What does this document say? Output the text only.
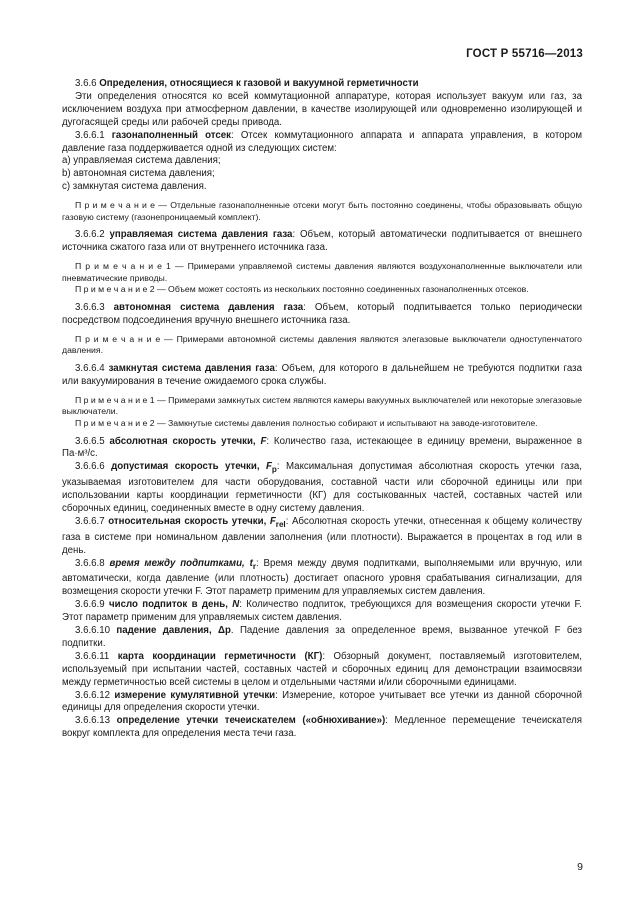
ГОСТ Р 55716—2013

3.6.6 Определения, относящиеся к газовой и вакуумной герметичности

Эти определения относятся ко всей коммутационной аппаратуре, которая использует вакуум или газ, за исключением воздуха при атмосферном давлении, в качестве изолирующей или одновременно изолирующей и дугогасящей среды или рабочей среды привода.

3.6.6.1 газонаполненный отсек: Отсек коммутационного аппарата и аппарата управления, в котором давление газа поддерживается одной из следующих систем:

а) управляемая система давления;

b) автономная система давления;

с) замкнутая система давления.

П р и м е ч а н и е — Отдельные газонаполненные отсеки могут быть постоянно соединены, чтобы образовывать общую газовую систему (газонепроницаемый комплект).

3.6.6.2 управляемая система давления газа: Объем, который автоматически подпитывается от внешнего источника сжатого газа или от внутреннего источника газа.

П р и м е ч а н и е 1 — Примерами управляемой системы давления являются воздухонаполненные выключатели или пневматические приводы.

П р и м е ч а н и е 2 — Объем может состоять из нескольких постоянно соединенных газонаполненных отсеков.

3.6.6.3 автономная система давления газа: Объем, который подпитывается только периодически посредством подсоединения вручную внешнего источника газа.

П р и м е ч а н и е — Примерами автономной системы давления являются элегазовые выключатели одноступенчатого давления.

3.6.6.4 замкнутая система давления газа: Объем, для которого в дальнейшем не требуются подпитки газа или вакуумирования в течение ожидаемого срока службы.

П р и м е ч а н и е 1 — Примерами замкнутых систем являются камеры вакуумных выключателей или некоторые элегазовые выключатели.

П р и м е ч а н и е 2 — Замкнутые системы давления полностью собирают и испытывают на заводе-изготовителе.

3.6.6.5 абсолютная скорость утечки, F: Количество газа, истекающее в единицу времени, выраженное в Па·м³/с.

3.6.6.6 допустимая скорость утечки, $F_p$: Максимальная допустимая абсолютная скорость утечки газа, указываемая изготовителем для части оборудования, составной части или сборочной единицы или при использовании карты координации герметичности (КГ) для состыкованных частей, составных частей или сборочных единиц, соединенных вместе в одну систему давления.

3.6.6.7 относительная скорость утечки, $F_{rel}$: Абсолютная скорость утечки, отнесенная к общему количеству газа в системе при номинальном давлении заполнения (или плотности). Выражается в процентах в год или в день.

3.6.6.8 время между подпитками, $t_r$: Время между двумя подпитками, выполняемыми или вручную, или автоматически, когда давление (или плотность) достигает опасного уровня срабатывания сигнализации, для возмещения скорости утечки F. Этот параметр применим для управляемых систем давления.

3.6.6.9 число подпиток в день, N: Количество подпиток, требующихся для возмещения скорости утечки F. Этот параметр применим для управляемых систем давления.

3.6.6.10 падение давления, Δp. Падение давления за определенное время, вызванное утечкой F без подпитки.

3.6.6.11 карта координации герметичности (КГ): Обзорный документ, поставляемый изготовителем, используемый при испытании частей, составных частей и сборочных единиц для демонстрации взаимосвязи между герметичностью всей системы в целом и отдельными частями и/или сборочными единицами.

3.6.6.12 измерение кумулятивной утечки: Измерение, которое учитывает все утечки из данной сборочной единицы для определения скорости утечки.

3.6.6.13 определение утечки течеискателем («обнюхивание»): Медленное перемещение течеискателя вокруг комплекта для определения места течи газа.

9
